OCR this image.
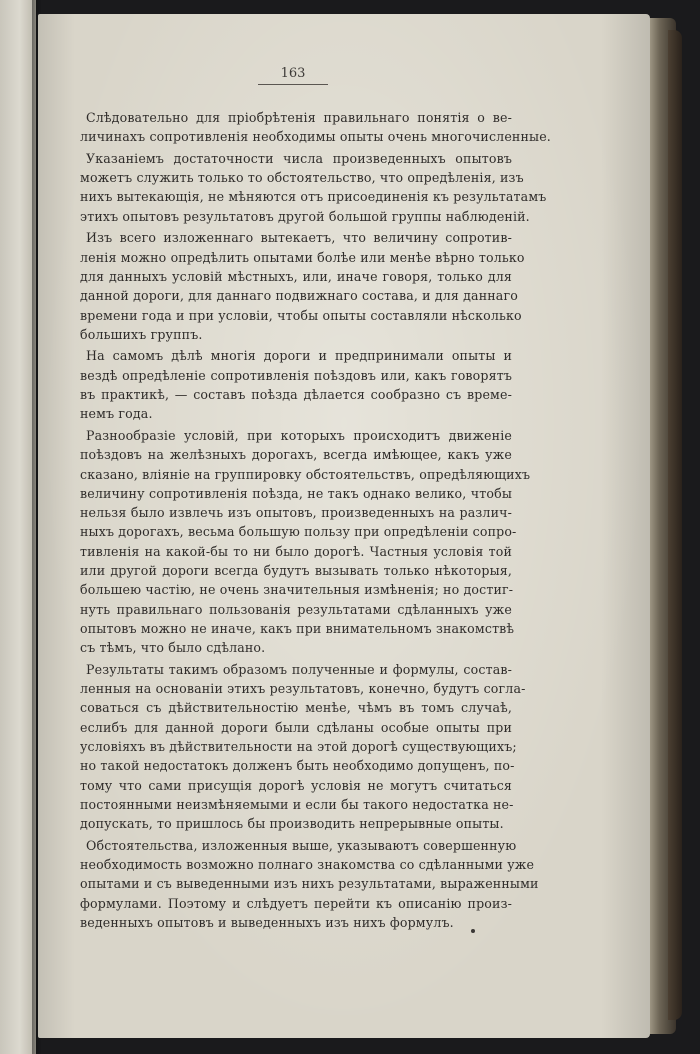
163
Слѣдовательно для пріобрѣтенія правильнаго понятія о ве-
личинахъ сопротивленія необходимы опыты очень многочисленные.
Указаніемъ достаточности числа произведенныхъ опытовъ
можетъ служить только то обстоятельство, что опредѣленія, изъ
нихъ вытекающія, не мѣняются отъ присоединенія къ результатамъ
этихъ опытовъ результатовъ другой большой группы наблюденій.
Изъ всего изложеннаго вытекаетъ, что величину сопротив-
ленія можно опредѣлить опытами болѣе или менѣе вѣрно только
для данныхъ условій мѣстныхъ, или, иначе говоря, только для
данной дороги, для даннаго подвижнаго состава, и для даннаго
времени года и при условіи, чтобы опыты составляли нѣсколько
большихъ группъ.
На самомъ дѣлѣ многія дороги и предпринимали опыты и
вездѣ опредѣленіе сопротивленія поѣздовъ или, какъ говорятъ
въ практикѣ, — составъ поѣзда дѣлается сообразно съ време-
немъ года.
Разнообразіе условій, при которыхъ происходитъ движеніе
поѣздовъ на желѣзныхъ дорогахъ, всегда имѣющее, какъ уже
сказано, вліяніе на группировку обстоятельствъ, опредѣляющихъ
величину сопротивленія поѣзда, не такъ однако велико, чтобы
нельзя было извлечь изъ опытовъ, произведенныхъ на различ-
ныхъ дорогахъ, весьма большую пользу при опредѣленіи сопро-
тивленія на какой-бы то ни было дорогѣ. Частныя условія той
или другой дороги всегда будутъ вызывать только нѣкоторыя,
большею частію, не очень значительныя измѣненія; но достиг-
нуть правильнаго пользованія результатами сдѣланныхъ уже
опытовъ можно не иначе, какъ при внимательномъ знакомствѣ
съ тѣмъ, что было сдѣлано.
Результаты такимъ образомъ полученные и формулы, состав-
ленныя на основаніи этихъ результатовъ, конечно, будутъ согла-
соваться съ дѣйствительностію менѣе, чѣмъ въ томъ случаѣ,
еслибъ для данной дороги были сдѣланы особые опыты при
условіяхъ въ дѣйствительности на этой дорогѣ существующихъ;
но такой недостатокъ долженъ быть необходимо допущенъ, по-
тому что сами присущія дорогѣ условія не могутъ считаться
постоянными неизмѣняемыми и если бы такого недостатка не-
допускать, то пришлось бы производить непрерывные опыты.
Обстоятельства, изложенныя выше, указываютъ совершенную
необходимость возможно полнаго знакомства со сдѣланными уже
опытами и съ выведенными изъ нихъ результатами, выраженными
формулами. Поэтому и слѣдуетъ перейти къ описанію произ-
веденныхъ опытовъ и выведенныхъ изъ нихъ формулъ.
